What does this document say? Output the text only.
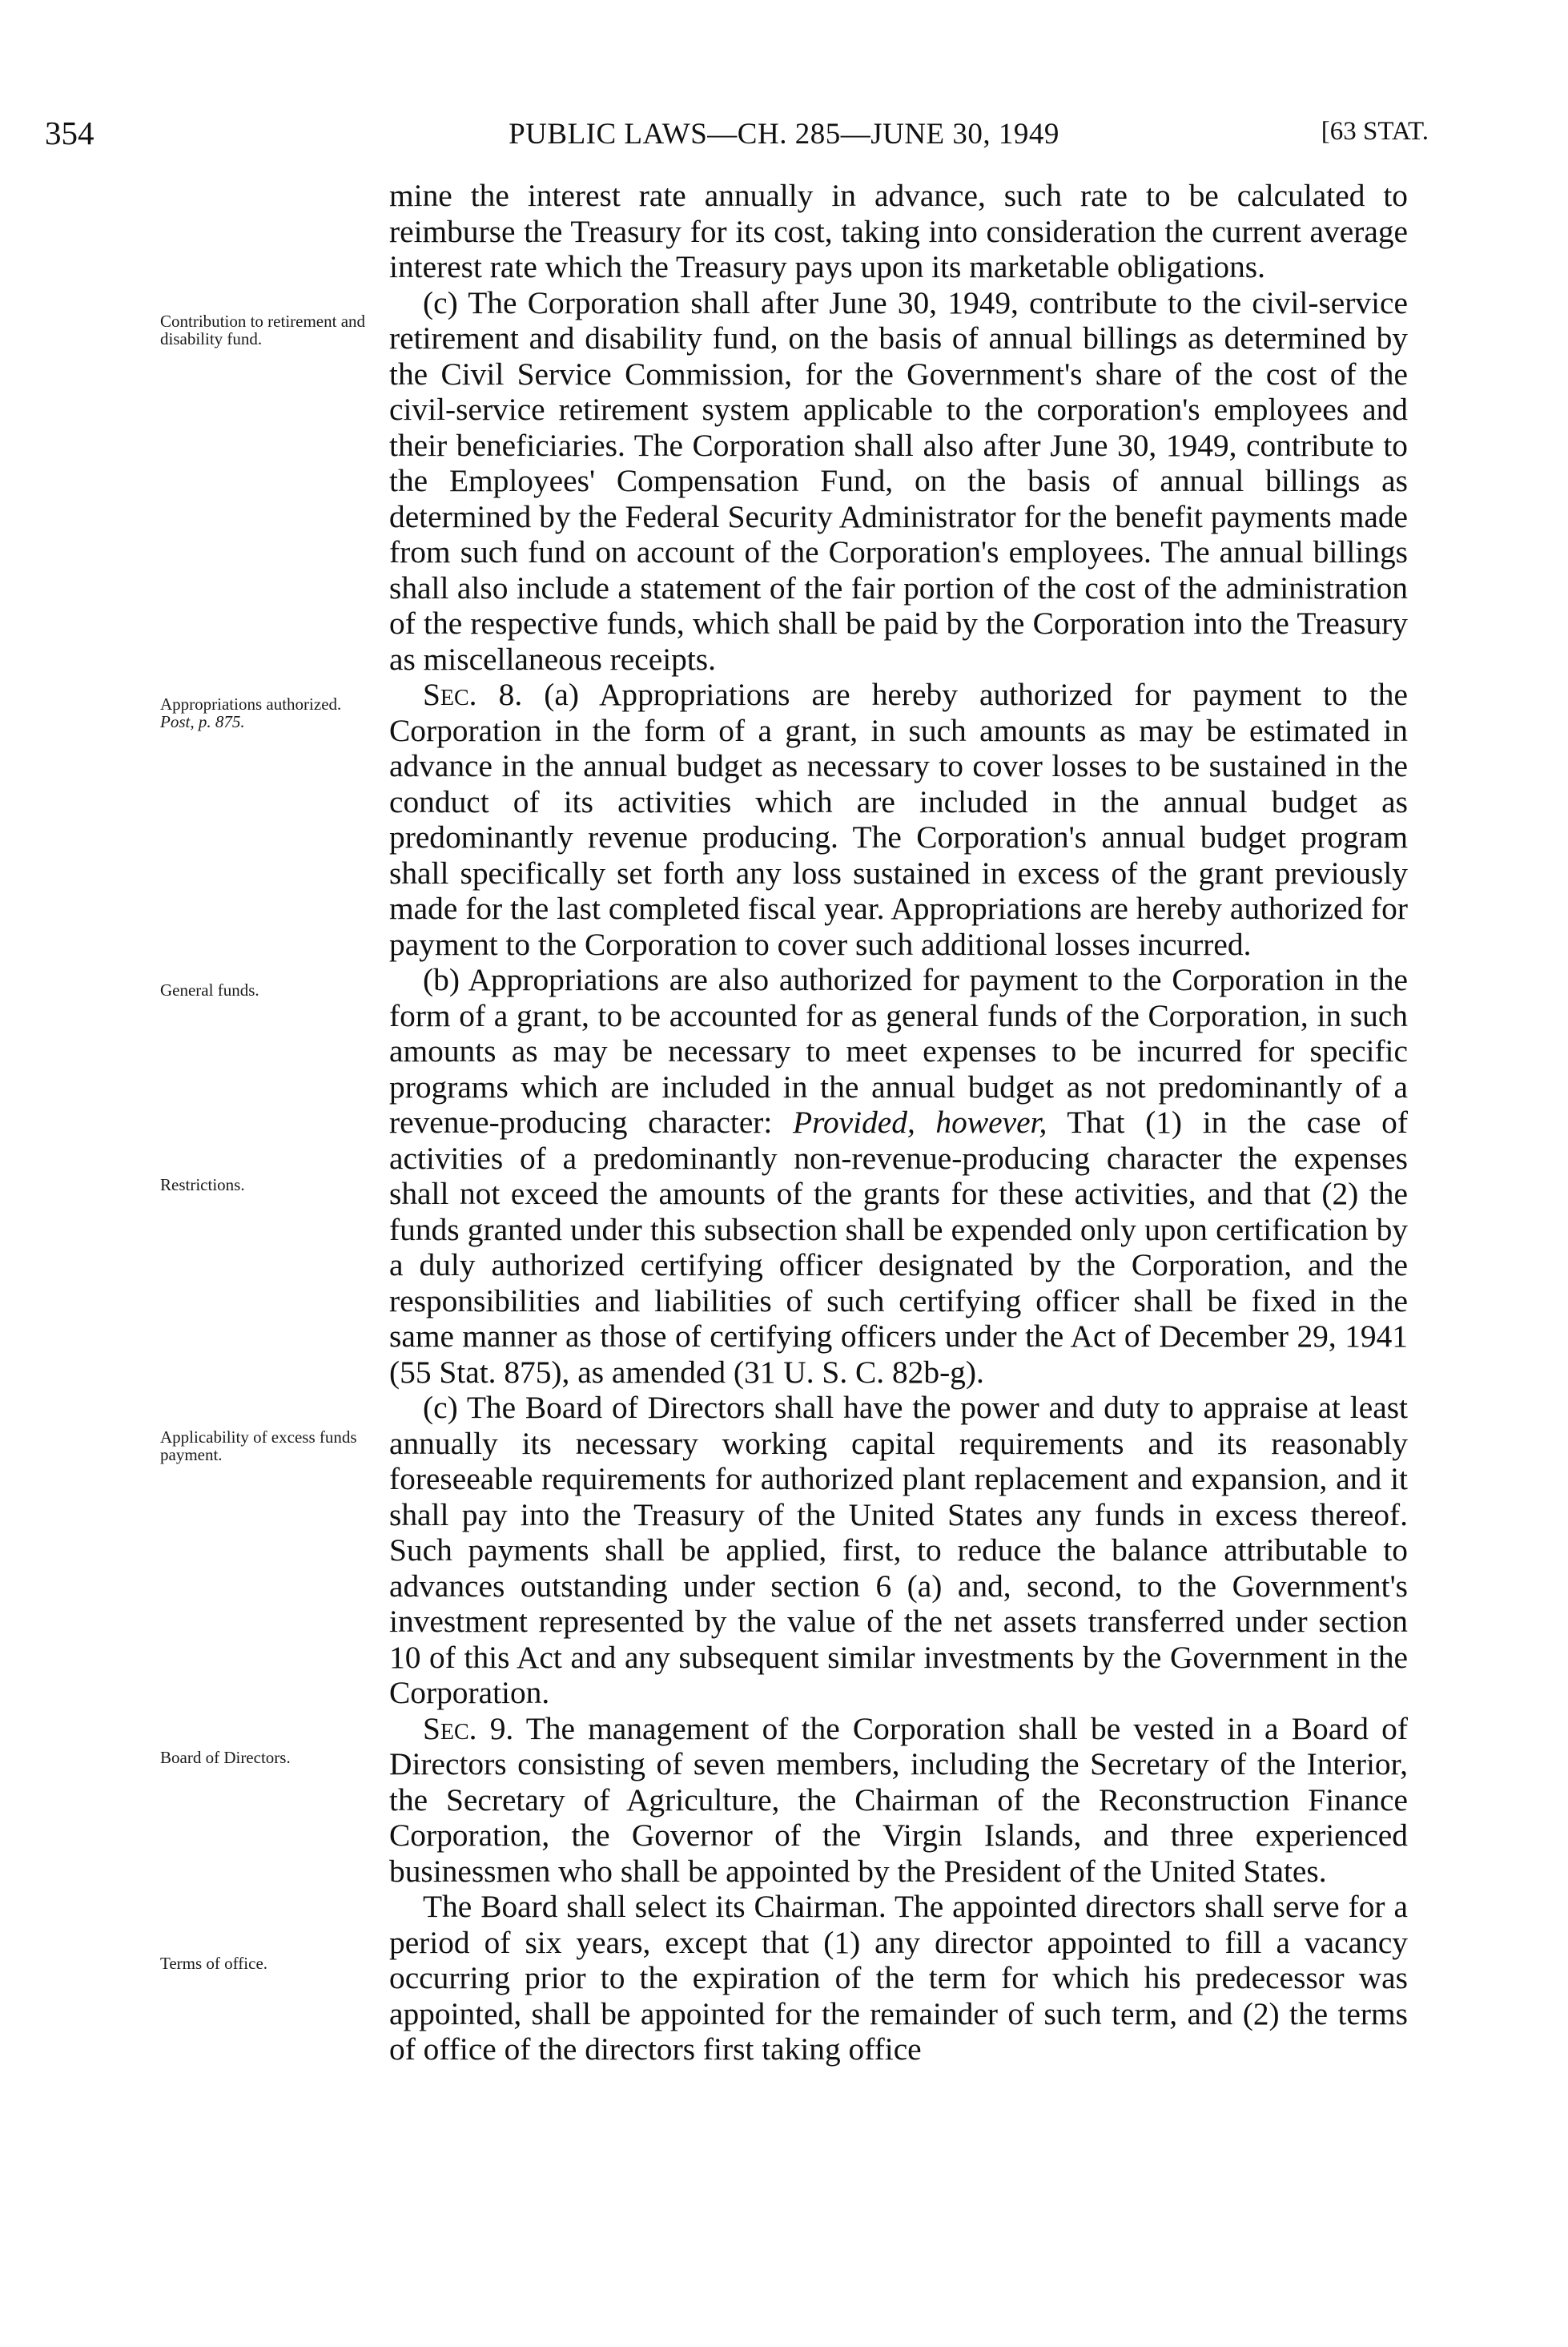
354	PUBLIC LAWS—CH. 285—JUNE 30, 1949	[63 STAT.
Contribution to retirement and disability fund.
Appropriations authorized.
Post, p. 875.
General funds.
Restrictions.
Applicability of excess funds payment.
Board of Directors.
Terms of office.

mine the interest rate annually in advance, such rate to be calculated to reimburse the Treasury for its cost, taking into consideration the current average interest rate which the Treasury pays upon its marketable obligations.

(c) The Corporation shall after June 30, 1949, contribute to the civil-service retirement and disability fund, on the basis of annual billings as determined by the Civil Service Commission, for the Government's share of the cost of the civil-service retirement system applicable to the corporation's employees and their beneficiaries. The Corporation shall also after June 30, 1949, contribute to the Employees' Compensation Fund, on the basis of annual billings as determined by the Federal Security Administrator for the benefit payments made from such fund on account of the Corporation's employees. The annual billings shall also include a statement of the fair portion of the cost of the administration of the respective funds, which shall be paid by the Corporation into the Treasury as miscellaneous receipts.

Sec. 8. (a) Appropriations are hereby authorized for payment to the Corporation in the form of a grant, in such amounts as may be estimated in advance in the annual budget as necessary to cover losses to be sustained in the conduct of its activities which are included in the annual budget as predominantly revenue producing. The Corporation's annual budget program shall specifically set forth any loss sustained in excess of the grant previously made for the last completed fiscal year. Appropriations are hereby authorized for payment to the Corporation to cover such additional losses incurred.

(b) Appropriations are also authorized for payment to the Corporation in the form of a grant, to be accounted for as general funds of the Corporation, in such amounts as may be necessary to meet expenses to be incurred for specific programs which are included in the annual budget as not predominantly of a revenue-producing character: Provided, however, That (1) in the case of activities of a predominantly non-revenue-producing character the expenses shall not exceed the amounts of the grants for these activities, and that (2) the funds granted under this subsection shall be expended only upon certification by a duly authorized certifying officer designated by the Corporation, and the responsibilities and liabilities of such certifying officer shall be fixed in the same manner as those of certifying officers under the Act of December 29, 1941 (55 Stat. 875), as amended (31 U. S. C. 82b-g).

(c) The Board of Directors shall have the power and duty to appraise at least annually its necessary working capital requirements and its reasonably foreseeable requirements for authorized plant replacement and expansion, and it shall pay into the Treasury of the United States any funds in excess thereof. Such payments shall be applied, first, to reduce the balance attributable to advances outstanding under section 6 (a) and, second, to the Government's investment represented by the value of the net assets transferred under section 10 of this Act and any subsequent similar investments by the Government in the Corporation.

Sec. 9. The management of the Corporation shall be vested in a Board of Directors consisting of seven members, including the Secretary of the Interior, the Secretary of Agriculture, the Chairman of the Reconstruction Finance Corporation, the Governor of the Virgin Islands, and three experienced businessmen who shall be appointed by the President of the United States.

The Board shall select its Chairman. The appointed directors shall serve for a period of six years, except that (1) any director appointed to fill a vacancy occurring prior to the expiration of the term for which his predecessor was appointed, shall be appointed for the remainder of such term, and (2) the terms of office of the directors first taking office
